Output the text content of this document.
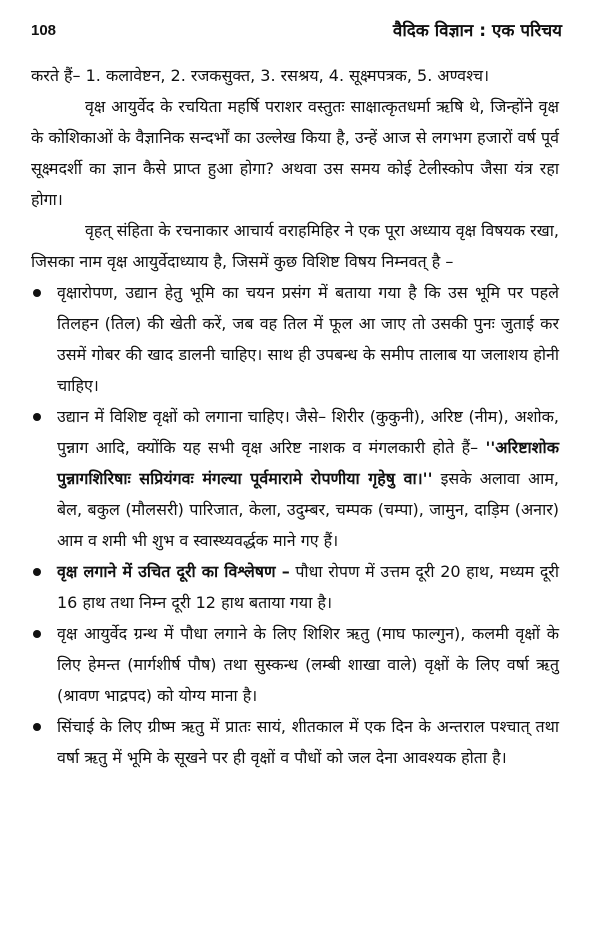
108	वैदिक विज्ञान : एक परिचय

करते हैं– 1. कलावेष्टन, 2. रजकसुक्त, 3. रसश्रय, 4. सूक्ष्मपत्रक, 5. अण्वश्च।

वृक्ष आयुर्वेद के रचयिता महर्षि पराशर वस्तुतः साक्षात्कृतधर्मा ऋषि थे, जिन्होंने वृक्ष के कोशिकाओं के वैज्ञानिक सन्दर्भों का उल्लेख किया है, उन्हें आज से लगभग हजारों वर्ष पूर्व सूक्ष्मदर्शी का ज्ञान कैसे प्राप्त हुआ होगा? अथवा उस समय कोई टेलीस्कोप जैसा यंत्र रहा होगा।

वृहत् संहिता के रचनाकार आचार्य वराहमिहिर ने एक पूरा अध्याय वृक्ष विषयक रखा, जिसका नाम वृक्ष आयुर्वेदाध्याय है, जिसमें कुछ विशिष्ट विषय निम्नवत् है –

वृक्षारोपण, उद्यान हेतु भूमि का चयन प्रसंग में बताया गया है कि उस भूमि पर पहले तिलहन (तिल) की खेती करें, जब वह तिल में फूल आ जाए तो उसकी पुनः जुताई कर उसमें गोबर की खाद डालनी चाहिए। साथ ही उपबन्ध के समीप तालाब या जलाशय होनी चाहिए।
उद्यान में विशिष्ट वृक्षों को लगाना चाहिए। जैसे– शिरीर (कुकुनी), अरिष्ट (नीम), अशोक, पुन्नाग आदि, क्योंकि यह सभी वृक्ष अरिष्ट नाशक व मंगलकारी होते हैं– ''अरिष्टाशोक पुन्नागशिरिषाः सप्रियंगवः मंगल्या पूर्वमारामे रोपणीया गृहेषु वा।'' इसके अलावा आम, बेल, बकुल (मौलसरी) पारिजात, केला, उदुम्बर, चम्पक (चम्पा), जामुन, दाड़िम (अनार) आम व शमी भी शुभ व स्वास्थ्यवर्द्धक माने गए हैं।
वृक्ष लगाने में उचित दूरी का विश्लेषण – पौधा रोपण में उत्तम दूरी 20 हाथ, मध्यम दूरी 16 हाथ तथा निम्न दूरी 12 हाथ बताया गया है।
वृक्ष आयुर्वेद ग्रन्थ में पौधा लगाने के लिए शिशिर ऋतु (माघ फाल्गुन), कलमी वृक्षों के लिए हेमन्त (मार्गशीर्ष पौष) तथा सुस्कन्ध (लम्बी शाखा वाले) वृक्षों के लिए वर्षा ऋतु (श्रावण भाद्रपद) को योग्य माना है।
सिंचाई के लिए ग्रीष्म ऋतु में प्रातः सायं, शीतकाल में एक दिन के अन्तराल पश्चात् तथा वर्षा ऋतु में भूमि के सूखने पर ही वृक्षों व पौधों को जल देना आवश्यक होता है।
